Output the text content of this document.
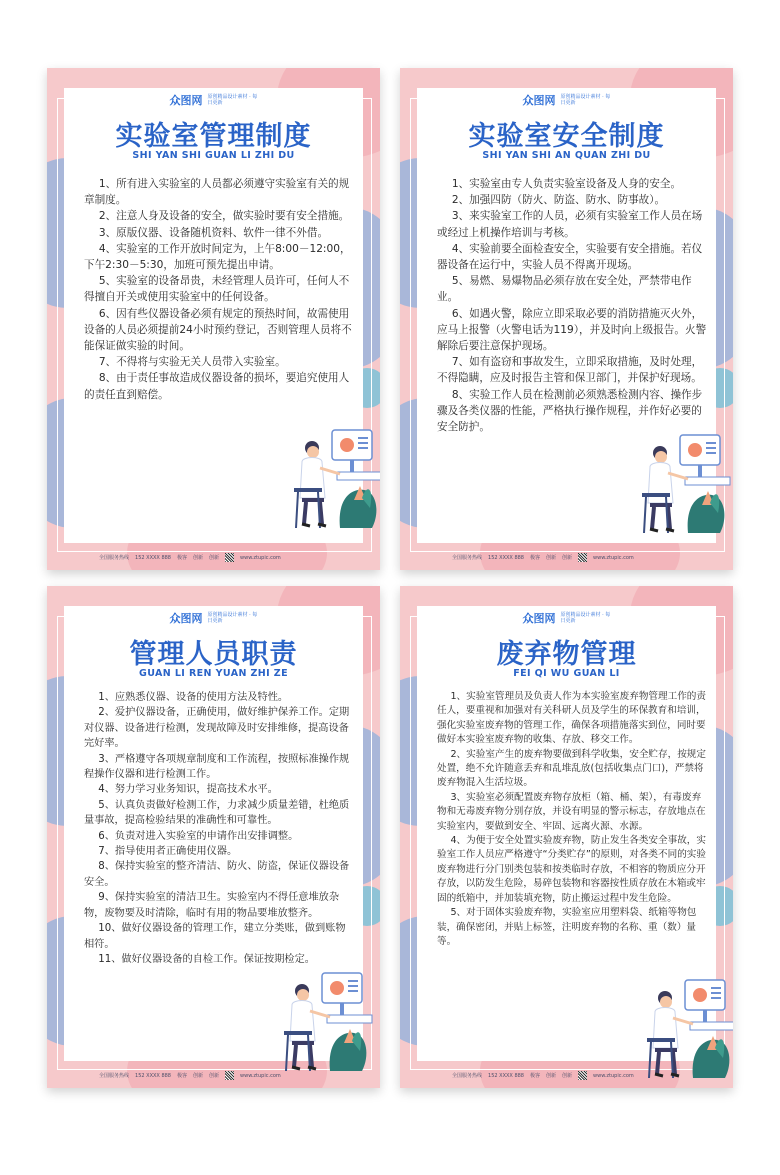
众图网 原创精品设计素材 · 每日更新
实验室管理制度
SHI YAN SHI GUAN LI ZHI DU

1、所有进入实验室的人员都必须遵守实验室有关的规章制度。

2、注意人身及设备的安全，做实验时要有安全措施。

3、原版仪器、设备随机资料、软件一律不外借。

4、实验室的工作开放时间定为，上午8:00－12:00，下午2:30－5:30，加班可预先提出申请。

5、实验室的设备昂贵，未经管理人员许可，任何人不得擅自开关或使用实验室中的任何设备。

6、因有些仪器设备必须有规定的预热时间，故需使用设备的人员必须提前24小时预约登记，否则管理人员将不能保证做实验的时间。

7、不得将与实验无关人员带入实验室。

8、由于责任事故造成仪器设备的损坏，要追究使用人的责任直到赔偿。

全国服务热线 152 XXXX 888 极客 创新 创新	www.ztupic.com
众图网 原创精品设计素材 · 每日更新
实验室安全制度
SHI YAN SHI AN QUAN ZHI DU

1、实验室由专人负责实验室设备及人身的安全。

2、加强四防（防火、防盗、防水、防事故）。

3、来实验室工作的人员，必须有实验室工作人员在场或经过上机操作培训与考核。

4、实验前要全面检查安全，实验要有安全措施。若仪器设备在运行中，实验人员不得离开现场。

5、易燃、易爆物品必须存放在安全处，严禁带电作业。

6、如遇火警，除应立即采取必要的消防措施灭火外，应马上报警（火警电话为119），并及时向上级报告。火警解除后要注意保护现场。

7、如有盗窃和事故发生，立即采取措施，及时处理，不得隐瞒，应及时报告主管和保卫部门，并保护好现场。

8、实验工作人员在检测前必须熟悉检测内容、操作步骤及各类仪器的性能，严格执行操作规程，并作好必要的安全防护。

全国服务热线 152 XXXX 888 极客 创新 创新	www.ztupic.com
众图网 原创精品设计素材 · 每日更新
管理人员职责
GUAN LI REN YUAN ZHI ZE

1、应熟悉仪器、设备的使用方法及特性。

2、爱护仪器设备，正确使用，做好维护保养工作。定期对仪器、设备进行检测，发现故障及时安排维修，提高设备完好率。

3、严格遵守各项规章制度和工作流程，按照标准操作规程操作仪器和进行检测工作。

4、努力学习业务知识，提高技术水平。

5、认真负责做好检测工作，力求减少质量差错，杜绝质量事故，提高检验结果的准确性和可靠性。

6、负责对进入实验室的申请作出安排调整。

7、指导使用者正确使用仪器。

8、保持实验室的整齐清洁、防火、防盗，保证仪器设备安全。

9、保持实验室的清洁卫生。实验室内不得任意堆放杂物，废物要及时清除，临时有用的物品要堆放整齐。

10、做好仪器设备的管理工作，建立分类账，做到账物相符。

11、做好仪器设备的自检工作。保证按期检定。

全国服务热线 152 XXXX 888 极客 创新 创新	www.ztupic.com
众图网 原创精品设计素材 · 每日更新
废弃物管理
FEI QI WU GUAN LI

1、实验室管理员及负责人作为本实验室废弃物管理工作的责任人，要重视和加强对有关科研人员及学生的环保教育和培训，强化实验室废弃物的管理工作，确保各项措施落实到位，同时要做好本实验室废弃物的收集、存放、移交工作。

2、实验室产生的废弃物要做到科学收集，安全贮存，按规定处置，绝不允许随意丢弃和乱堆乱放(包括收集点门口)，严禁将废弃物混入生活垃圾。

3、实验室必须配置废弃物存放柜（箱、桶、架），有毒废弃物和无毒废弃物分别存放，并设有明显的警示标志，存放地点在实验室内，要做到安全、牢固、远离火源、水源。

4、为便于安全处置实验废弃物，防止发生各类安全事故，实验室工作人员应严格遵守“分类贮存”的原则，对各类不同的实验废弃物进行分门别类包装和按类临时存放，不相容的物质应分开存放，以防发生危险，易碎包装物和容器按性质存放在木箱或牢固的纸箱中，并加装填充物，防止搬运过程中发生危险。

5、对于固体实验废弃物，实验室应用塑料袋、纸箱等物包装，确保密闭，并贴上标签，注明废弃物的名称、重（数）量等。

全国服务热线 152 XXXX 888 极客 创新 创新	www.ztupic.com
